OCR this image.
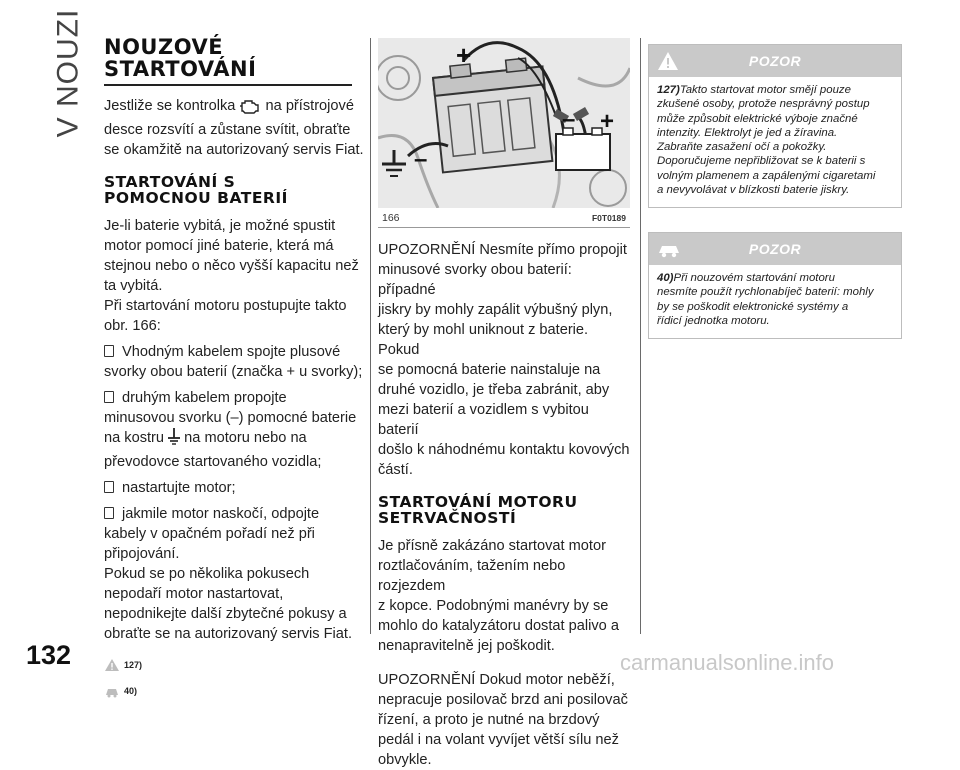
V NOUZI NOUZOVÉ
STARTOVÁNÍ

Jestliže se kontrolka na přístrojové

desce rozsvítí a zůstane svítit, obraťte

se okamžitě na autorizovaný servis Fiat.

STARTOVÁNÍ S
POMOCNOU BATERIÍ

Je-li baterie vybitá, je možné spustit

motor pomocí jiné baterie, která má

stejnou nebo o něco vyšší kapacitu než

ta vybitá.

Při startování motoru postupujte takto

obr. 166:

Vhodným kabelem spojte plusové

svorky obou baterií (značka + u svorky);

druhým kabelem propojte

minusovou svorku (–) pomocné baterie

na kostru na motoru nebo na

převodovce startovaného vozidla;

nastartujte motor;

jakmile motor naskočí, odpojte

kabely v opačném pořadí než při

připojování.

Pokud se po několika pokusech

nepodaří motor nastartovat,

nepodnikejte další zbytečné pokusy a

obraťte se na autorizovaný servis Fiat.

127)
40)
+
+
–
–
166	F0T0189

UPOZORNĚNÍ Nesmíte přímo propojit

minusové svorky obou baterií: případné

jiskry by mohly zapálit výbušný plyn,

který by mohl uniknout z baterie. Pokud

se pomocná baterie nainstaluje na

druhé vozidlo, je třeba zabránit, aby

mezi baterií a vozidlem s vybitou baterií

došlo k náhodnému kontaktu kovových

částí.

STARTOVÁNÍ MOTORU
SETRVAČNOSTÍ

Je přísně zakázáno startovat motor

roztlačováním, tažením nebo rozjezdem

z kopce. Podobnými manévry by se

mohlo do katalyzátoru dostat palivo a

nenapravitelně jej poškodit.

UPOZORNĚNÍ Dokud motor neběží,

nepracuje posilovač brzd ani posilovač

řízení, a proto je nutné na brzdový

pedál i na volant vyvíjet větší sílu než

obvykle.

POZOR
127)Takto startovat motor smějí pouze
zkušené osoby, protože nesprávný postup
může způsobit elektrické výboje značné
intenzity. Elektrolyt je jed a žíravina.
Zabraňte zasažení očí a pokožky.
Doporučujeme nepřibližovat se k baterii s
volným plamenem a zapálenými cigaretami
a nevyvolávat v blízkosti baterie jiskry.
POZOR
40)Při nouzovém startování motoru
nesmíte použít rychlonabíječ baterií: mohly
by se poškodit elektronické systémy a
řídicí jednotka motoru.
132	carmanualsonline.info
